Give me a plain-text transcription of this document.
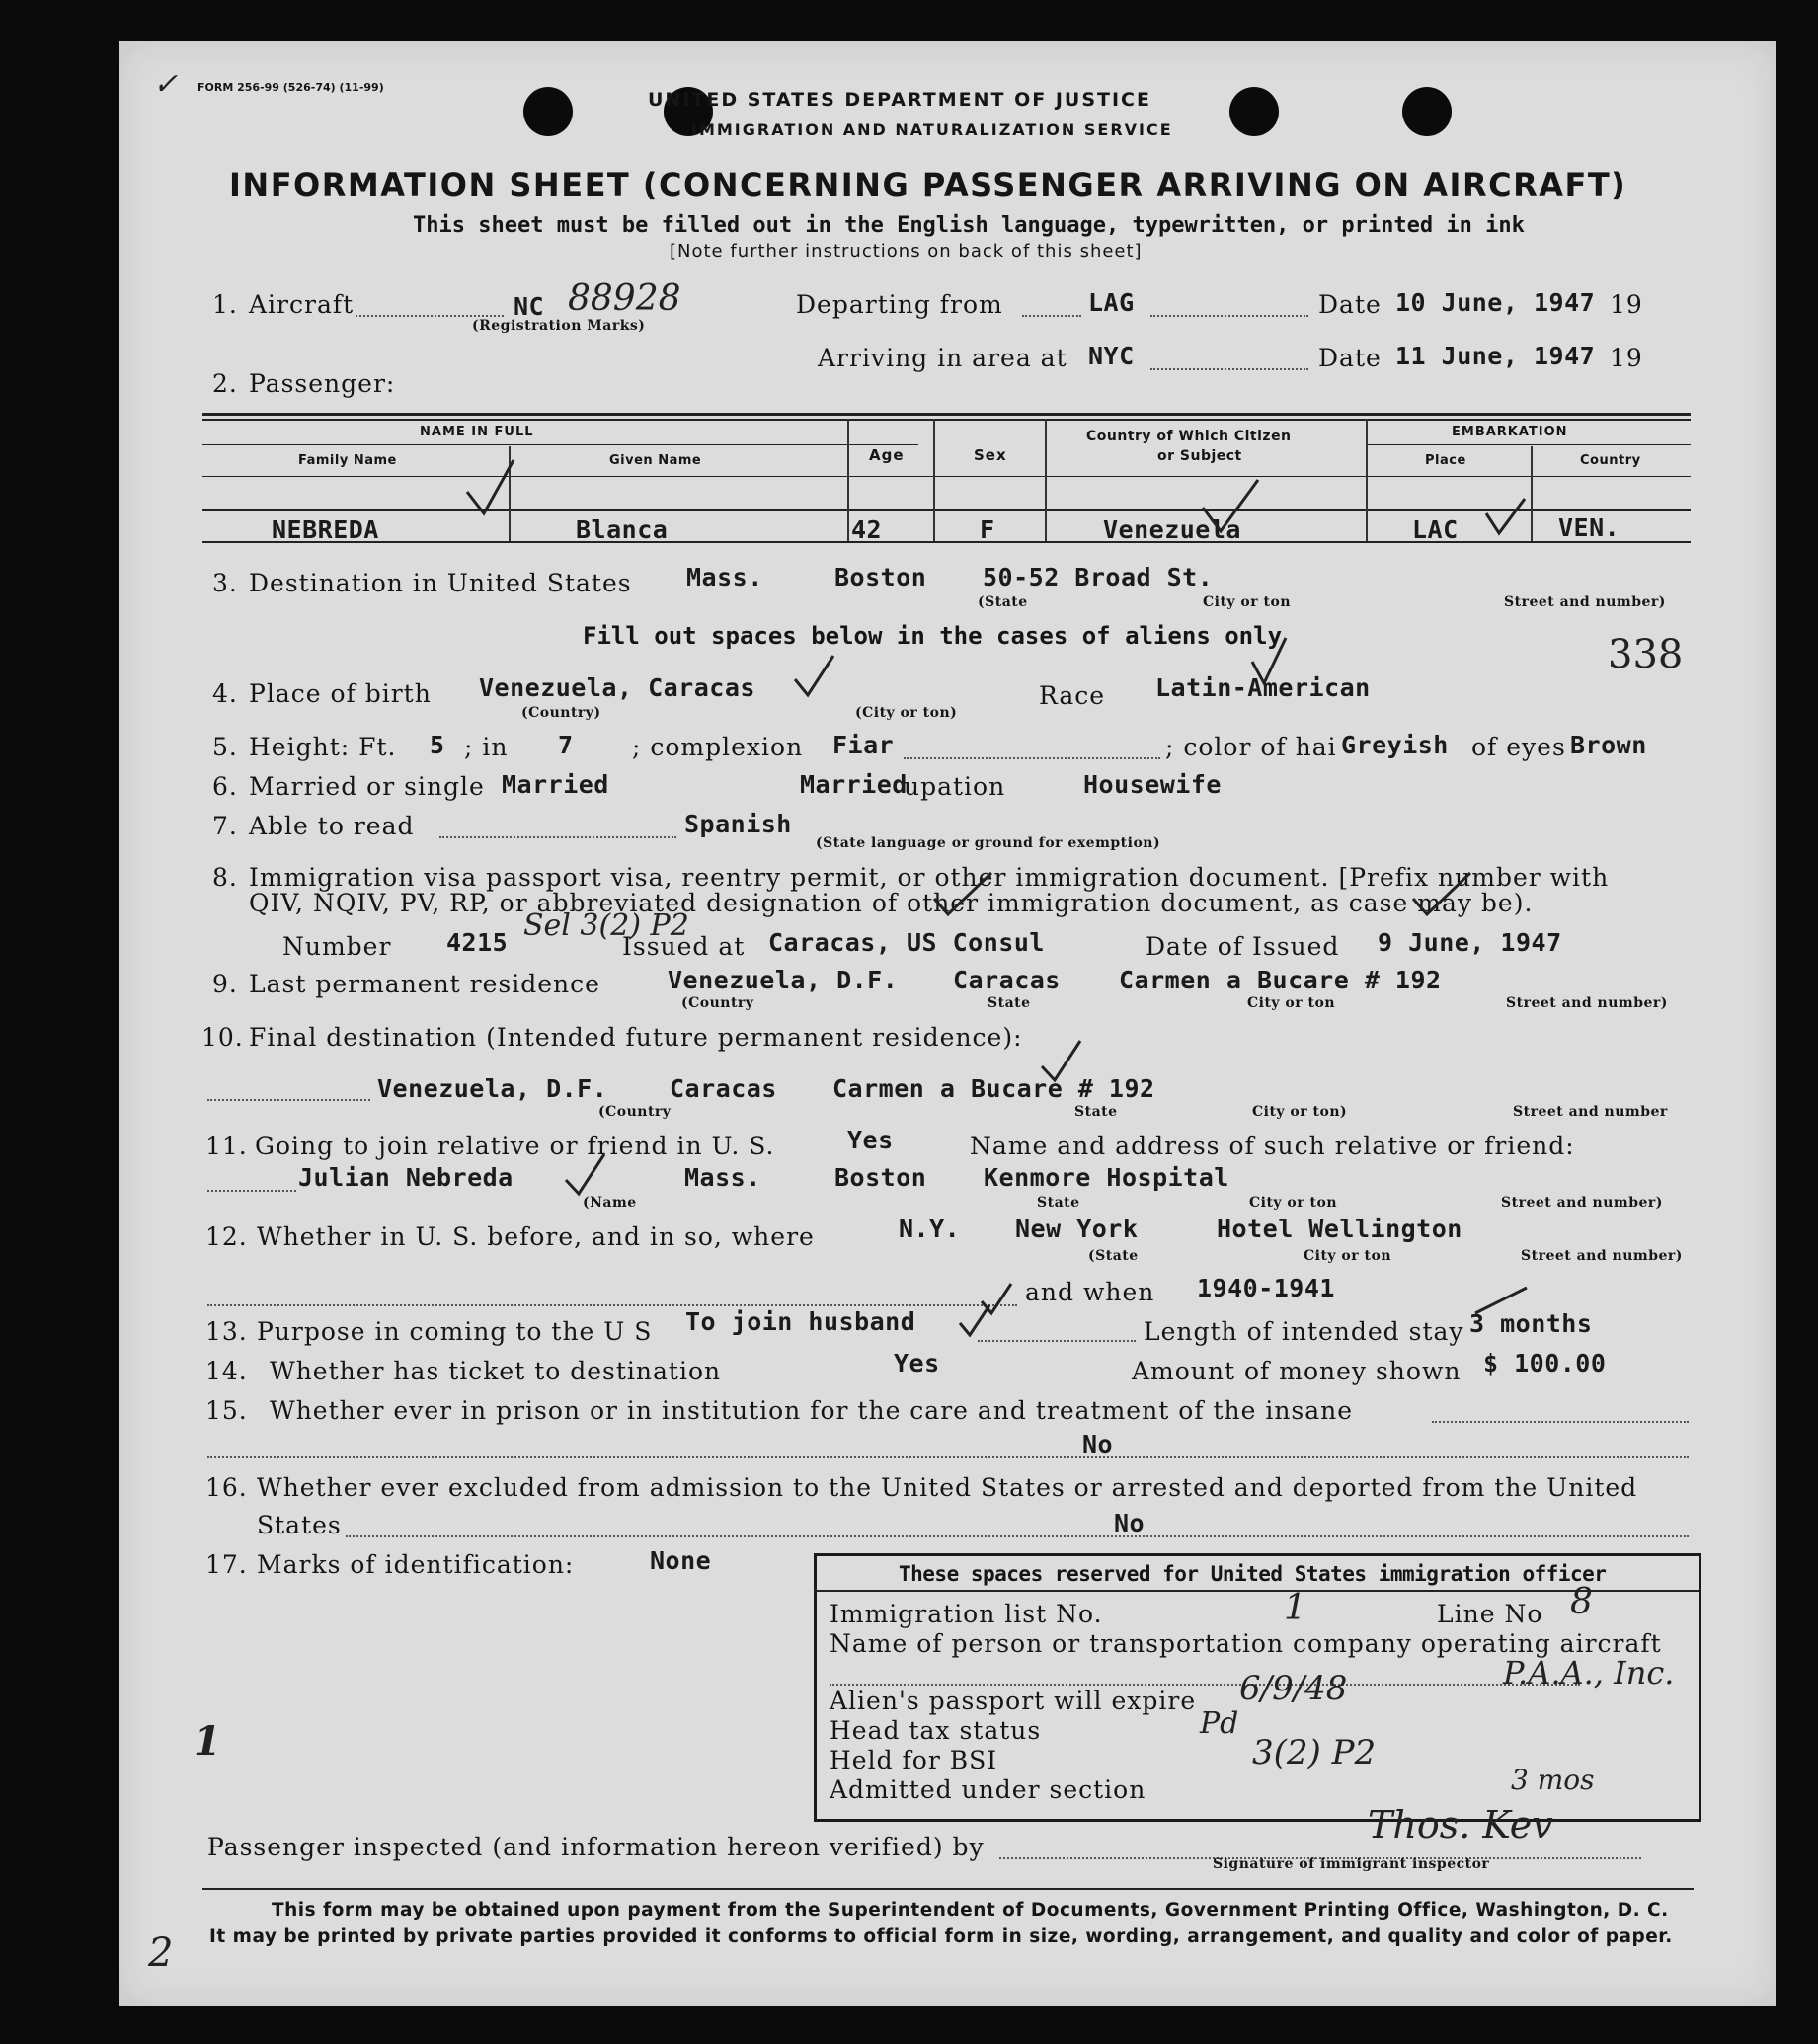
✓
1
2
FORM 256-99 (526-74) (11-99)
UNITED STATES DEPARTMENT OF JUSTICE
IMMIGRATION AND NATURALIZATION SERVICE
INFORMATION SHEET (CONCERNING PASSENGER ARRIVING ON AIRCRAFT)
This sheet must be filled out in the English language, typewritten, or printed in ink
[Note further instructions on back of this sheet]
1. Aircraft	NC 88928
(Registration Marks)
Departing from	LAG	Date 10 June, 1947 19
Arriving in area at NYC	Date 11 June, 1947 19
2. Passenger:
NAME IN FULL
Family Name	Given Name	Age	Sex
Country of Which Citizen
or Subject
EMBARKATION
Place	Country
NEBREDA	Blanca	42	F	Venezuela	LAC	VEN.
3. Destination in United States Mass.	Boston 50-52 Broad St.
(State	City or ton	Street and number)
Fill out spaces below in the cases of aliens only	338
4. Place of birth Venezuela, Caracas
(Country)	(City or ton)
Race Latin-American
5. Height: Ft. 5 ; in 7 ; complexion Fiar	; color of hai Greyish of eyes Brown
6. Married or single Married	Married
upation	Housewife
7. Able to read	Spanish
(State language or ground for exemption)
8. Immigration visa passport visa, reentry permit, or other immigration document. [Prefix number with
QIV, NQIV, PV, RP, or abbreviated designation of other immigration document, as case may be).
Number 4215 Sel 3(2) P2
Issued at Caracas, US Consul	Date of Issued 9 June, 1947
9. Last permanent residence	Venezuela, D.F. Caracas Carmen a Bucare # 192
(Country	State	City or ton	Street and number)
10. Final destination (Intended future permanent residence):
Venezuela, D.F.	Caracas Carmen a Bucare # 192
(Country	State	City or ton)	Street and number
11. Going to join relative or friend in U. S.	Yes	Name and address of such relative or friend:
Julian Nebreda	Mass.	Boston Kenmore Hospital
(Name	State	City or ton	Street and number)
12. Whether in U. S. before, and in so, where	N.Y. New York	Hotel Wellington
(State	City or ton	Street and number)
and when 1940-1941
13. Purpose in coming to the U S To join husband	Length of intended stay 3 months
14. Whether has ticket to destination	Yes	Amount of money shown $ 100.00
15. Whether ever in prison or in institution for the care and treatment of the insane
No
16. Whether ever excluded from admission to the United States or arrested and deported from the United
States	No
17. Marks of identification:	None	These spaces reserved for United States immigration officer
Immigration list No.	1	Line No 8
Name of person or transportation company operating aircraft
P.A.A., Inc.
Alien's passport will expire 6/9/48
Head tax status	Pd
Held for BSI	3(2) P2
Admitted under section	3 mos
Passenger inspected (and information hereon verified) by
Thos. Kev
Signature of immigrant inspector
This form may be obtained upon payment from the Superintendent of Documents, Government Printing Office, Washington, D. C.
It may be printed by private parties provided it conforms to official form in size, wording, arrangement, and quality and color of paper.
